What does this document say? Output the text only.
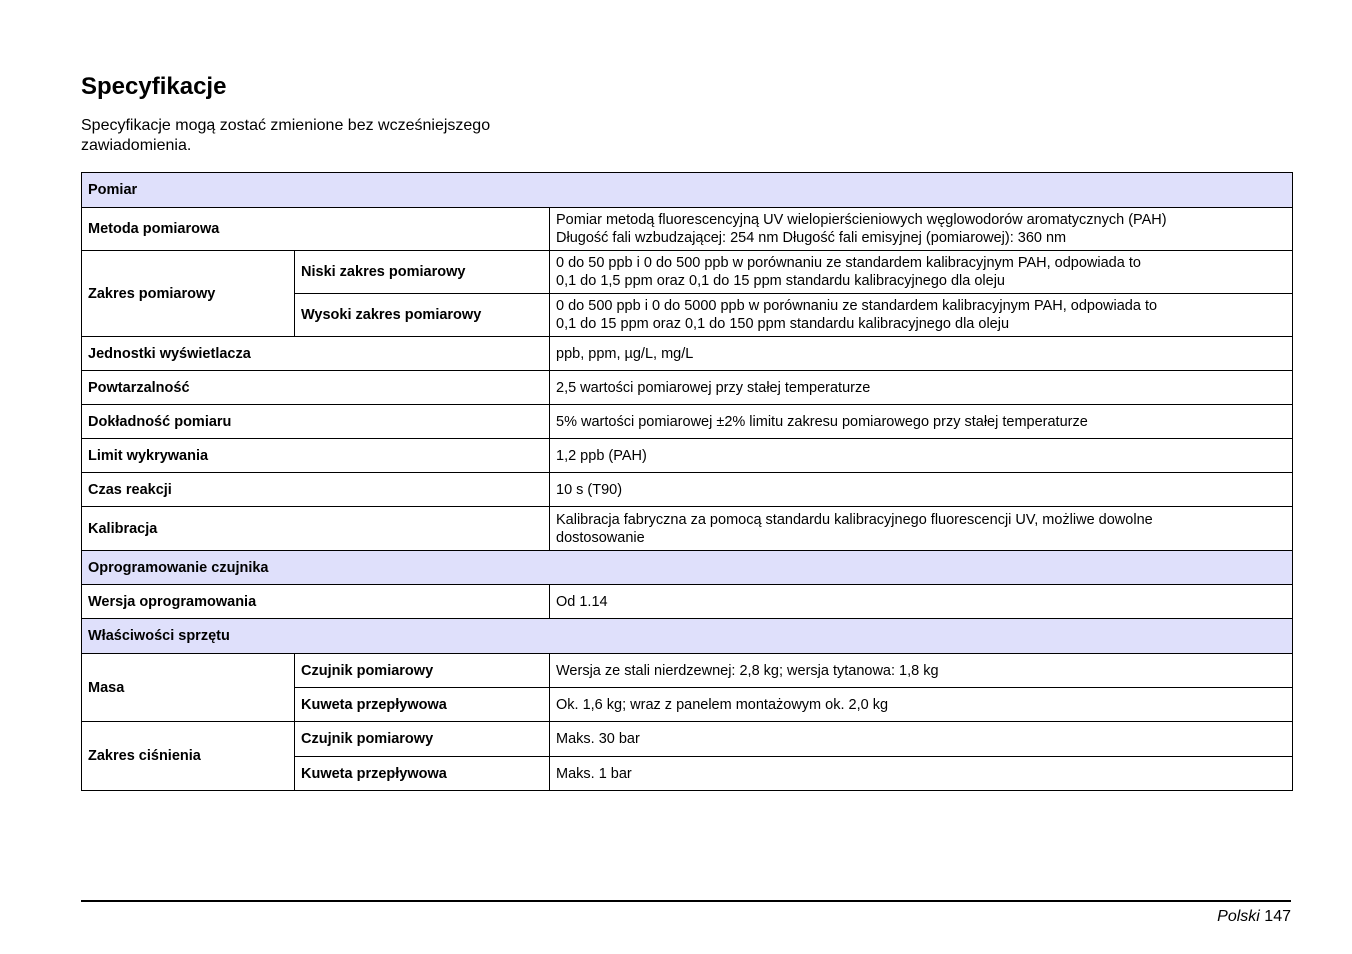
Specyfikacje

Specyfikacje mogą zostać zmienione bez wcześniejszego
zawiadomienia.

Pomiar		
Metoda pomiarowa		Pomiar metodą fluorescencyjną UV wielopierścieniowych węglowodorów aromatycznych (PAH)
Długość fali wzbudzającej: 254 nm Długość fali emisyjnej (pomiarowej): 360 nm

Zakres pomiarowy	Niski zakres pomiarowy	0 do 50 ppb i 0 do 500 ppb w porównaniu ze standardem kalibracyjnym PAH, odpowiada to
0,1 do 1,5 ppm oraz 0,1 do 15 ppm standardu kalibracyjnego dla oleju

	Wysoki zakres pomiarowy	0 do 500 ppb i 0 do 5000 ppb w porównaniu ze standardem kalibracyjnym PAH, odpowiada to
0,1 do 15 ppm oraz 0,1 do 150 ppm standardu kalibracyjnego dla oleju

Jednostki wyświetlacza		ppb, ppm, µg/L, mg/L
Powtarzalność		2,5 wartości pomiarowej przy stałej temperaturze
Dokładność pomiaru		5% wartości pomiarowej ±2% limitu zakresu pomiarowego przy stałej temperaturze
Limit wykrywania		1,2 ppb (PAH)
Czas reakcji		10 s (T90)
Kalibracja		Kalibracja fabryczna za pomocą standardu kalibracyjnego fluorescencji UV, możliwe dowolne
dostosowanie

Oprogramowanie czujnika		
Wersja oprogramowania		Od 1.14
Właściwości sprzętu		
Masa	Czujnik pomiarowy	Wersja ze stali nierdzewnej: 2,8 kg; wersja tytanowa: 1,8 kg
	Kuweta przepływowa	Ok. 1,6 kg; wraz z panelem montażowym ok. 2,0 kg
Zakres ciśnienia	Czujnik pomiarowy	Maks. 30 bar
	Kuweta przepływowa	Maks. 1 bar
Polski 147
